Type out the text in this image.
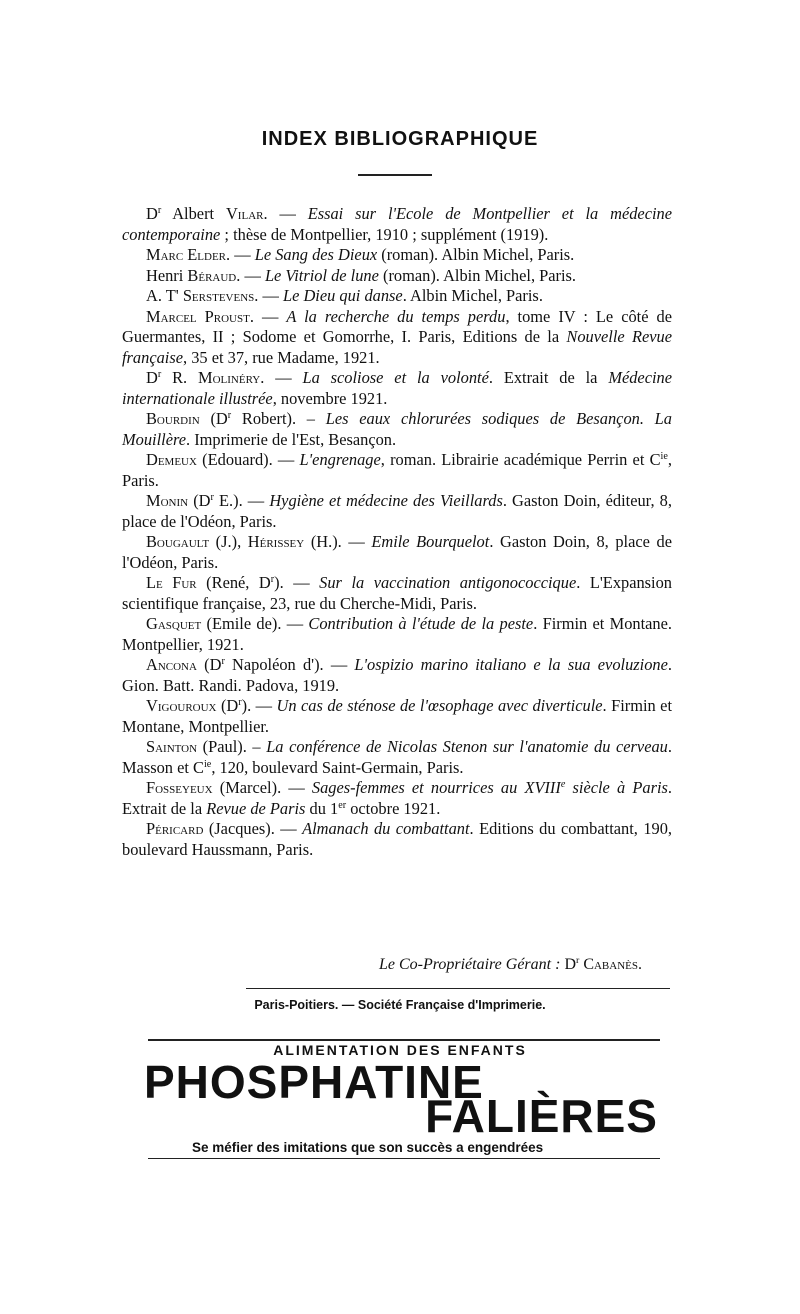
INDEX BIBLIOGRAPHIQUE

$D^r$ Albert Vilar. — Essai sur l'Ecole de Montpellier et la médecine contemporaine ; thèse de Montpellier, 1910 ; supplément (1919).

Marc Elder. — Le Sang des Dieux (roman). Albin Michel, Paris.

Henri Béraud. — Le Vitriol de lune (roman). Albin Michel, Paris.

A. T' Serstevens. — Le Dieu qui danse. Albin Michel, Paris.

Marcel Proust. — A la recherche du temps perdu, tome IV : Le côté de Guermantes, II ; Sodome et Gomorrhe, I. Paris, Editions de la Nouvelle Revue française, 35 et 37, rue Madame, 1921.

$D^r$ R. Molinéry. — La scoliose et la volonté. Extrait de la Médecine internationale illustrée, novembre 1921.

Bourdin ($D^r$ Robert). – Les eaux chlorurées sodiques de Besançon. La Mouillère. Imprimerie de l'Est, Besançon.

Demeux (Edouard). — L'engrenage, roman. Librairie académique Perrin et $C^{ie}$, Paris.

Monin ($D^r$ E.). — Hygiène et médecine des Vieillards. Gaston Doin, éditeur, 8, place de l'Odéon, Paris.

Bougault (J.), Hérissey (H.). — Emile Bourquelot. Gaston Doin, 8, place de l'Odéon, Paris.

Le Fur (René, $D^r$). — Sur la vaccination antigonococcique. L'Expansion scientifique française, 23, rue du Cherche-Midi, Paris.

Gasquet (Emile de). — Contribution à l'étude de la peste. Firmin et Montane. Montpellier, 1921.

Ancona ($D^r$ Napoléon d'). — L'ospizio marino italiano e la sua evoluzione. Gion. Batt. Randi. Padova, 1919.

Vigouroux $(D^r)$. — Un cas de sténose de l'œsophage avec diverticule. Firmin et Montane, Montpellier.

Sainton (Paul). – La conférence de Nicolas Stenon sur l'anatomie du cerveau. Masson et $C^{ie}$, 120, boulevard Saint-Germain, Paris.

Fosseyeux (Marcel). — Sages-femmes et nourrices au XVIIIe siècle à Paris. Extrait de la Revue de Paris du 1er octobre 1921.

Péricard (Jacques). — Almanach du combattant. Editions du combattant, 190, boulevard Haussmann, Paris.

Le Co-Propriétaire Gérant : $D^r$ Cabanès.
Paris-Poitiers. — Société Française d'Imprimerie.
ALIMENTATION DES ENFANTS
PHOSPHATINE
FALIÈRES
Se méfier des imitations que son succès a engendrées
